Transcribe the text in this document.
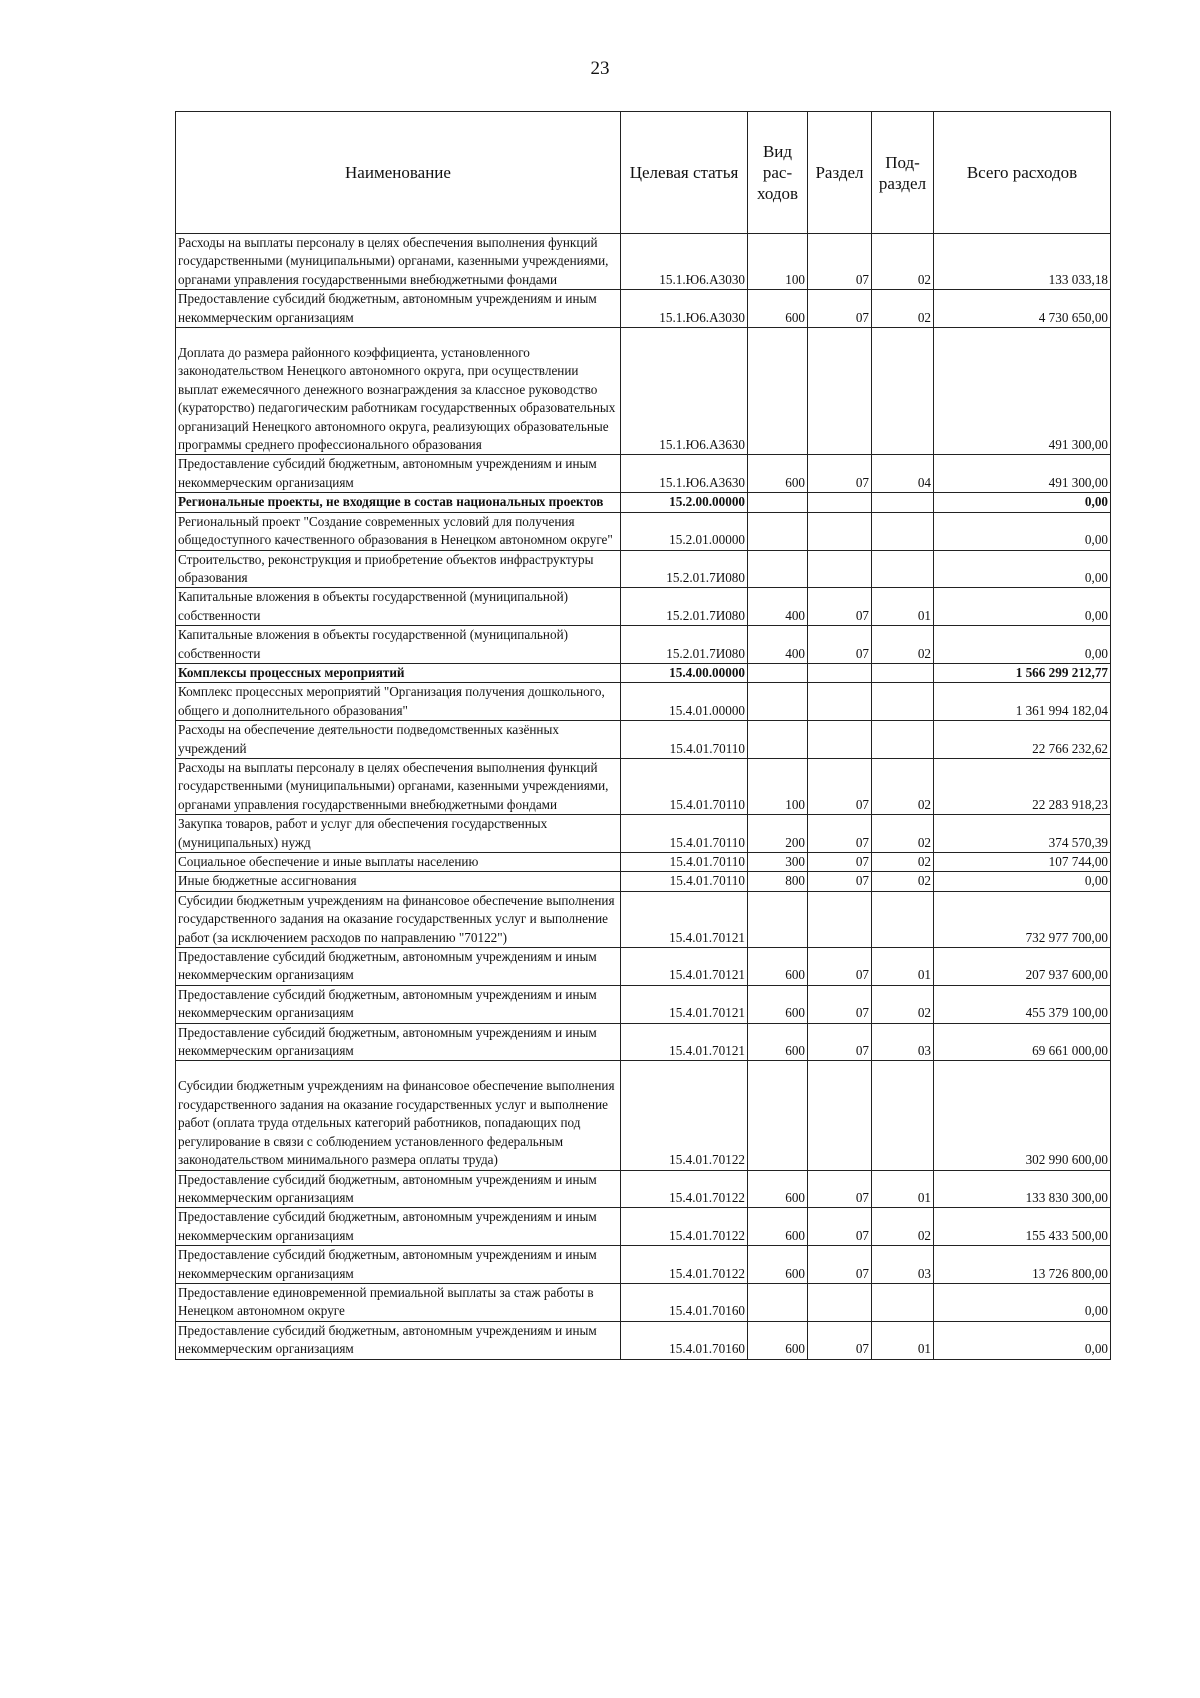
23
Наименование	Целевая статья	Вид рас-ходов	Раздел	Под-раздел	Всего расходов
Расходы на выплаты персоналу в целях обеспечения выполнения функций государственными (муниципальными) органами, казенными учреждениями, органами управления государственными внебюджетными фондами	15.1.Ю6.А3030	100	07	02	133 033,18
Предоставление субсидий бюджетным, автономным учреждениям и иным некоммерческим организациям	15.1.Ю6.А3030	600	07	02	4 730 650,00
Доплата до размера районного коэффициента, установленного законодательством Ненецкого автономного округа, при осуществлении выплат ежемесячного денежного вознаграждения за классное руководство (кураторство) педагогическим работникам государственных образовательных организаций Ненецкого автономного округа, реализующих образовательные программы среднего профессионального образования	15.1.Ю6.А3630				491 300,00
Предоставление субсидий бюджетным, автономным учреждениям и иным некоммерческим организациям	15.1.Ю6.А3630	600	07	04	491 300,00
Региональные проекты, не входящие в состав национальных проектов	15.2.00.00000				0,00
Региональный проект "Создание современных условий для получения общедоступного качественного образования в Ненецком автономном округе"	15.2.01.00000				0,00
Строительство, реконструкция и приобретение объектов инфраструктуры образования	15.2.01.7И080				0,00
Капитальные вложения в объекты государственной (муниципальной) собственности	15.2.01.7И080	400	07	01	0,00
Капитальные вложения в объекты государственной (муниципальной) собственности	15.2.01.7И080	400	07	02	0,00
Комплексы процессных мероприятий	15.4.00.00000				1 566 299 212,77
Комплекс процессных мероприятий "Организация получения дошкольного, общего и дополнительного образования"	15.4.01.00000				1 361 994 182,04
Расходы на обеспечение деятельности подведомственных казённых учреждений	15.4.01.70110				22 766 232,62
Расходы на выплаты персоналу в целях обеспечения выполнения функций государственными (муниципальными) органами, казенными учреждениями, органами управления государственными внебюджетными фондами	15.4.01.70110	100	07	02	22 283 918,23
Закупка товаров, работ и услуг для обеспечения государственных (муниципальных) нужд	15.4.01.70110	200	07	02	374 570,39
Социальное обеспечение и иные выплаты населению	15.4.01.70110	300	07	02	107 744,00
Иные бюджетные ассигнования	15.4.01.70110	800	07	02	0,00
Субсидии бюджетным учреждениям на финансовое обеспечение выполнения государственного задания на оказание государственных услуг и выполнение работ (за исключением расходов по направлению "70122")	15.4.01.70121				732 977 700,00
Предоставление субсидий бюджетным, автономным учреждениям и иным некоммерческим организациям	15.4.01.70121	600	07	01	207 937 600,00
Предоставление субсидий бюджетным, автономным учреждениям и иным некоммерческим организациям	15.4.01.70121	600	07	02	455 379 100,00
Предоставление субсидий бюджетным, автономным учреждениям и иным некоммерческим организациям	15.4.01.70121	600	07	03	69 661 000,00
Субсидии бюджетным учреждениям на финансовое обеспечение выполнения государственного задания на оказание государственных услуг и выполнение работ (оплата труда отдельных категорий работников, попадающих под регулирование в связи с соблюдением установленного федеральным законодательством минимального размера оплаты труда)	15.4.01.70122				302 990 600,00
Предоставление субсидий бюджетным, автономным учреждениям и иным некоммерческим организациям	15.4.01.70122	600	07	01	133 830 300,00
Предоставление субсидий бюджетным, автономным учреждениям и иным некоммерческим организациям	15.4.01.70122	600	07	02	155 433 500,00
Предоставление субсидий бюджетным, автономным учреждениям и иным некоммерческим организациям	15.4.01.70122	600	07	03	13 726 800,00
Предоставление единовременной премиальной выплаты за стаж работы в Ненецком автономном округе	15.4.01.70160				0,00
Предоставление субсидий бюджетным, автономным учреждениям и иным некоммерческим организациям	15.4.01.70160	600	07	01	0,00
